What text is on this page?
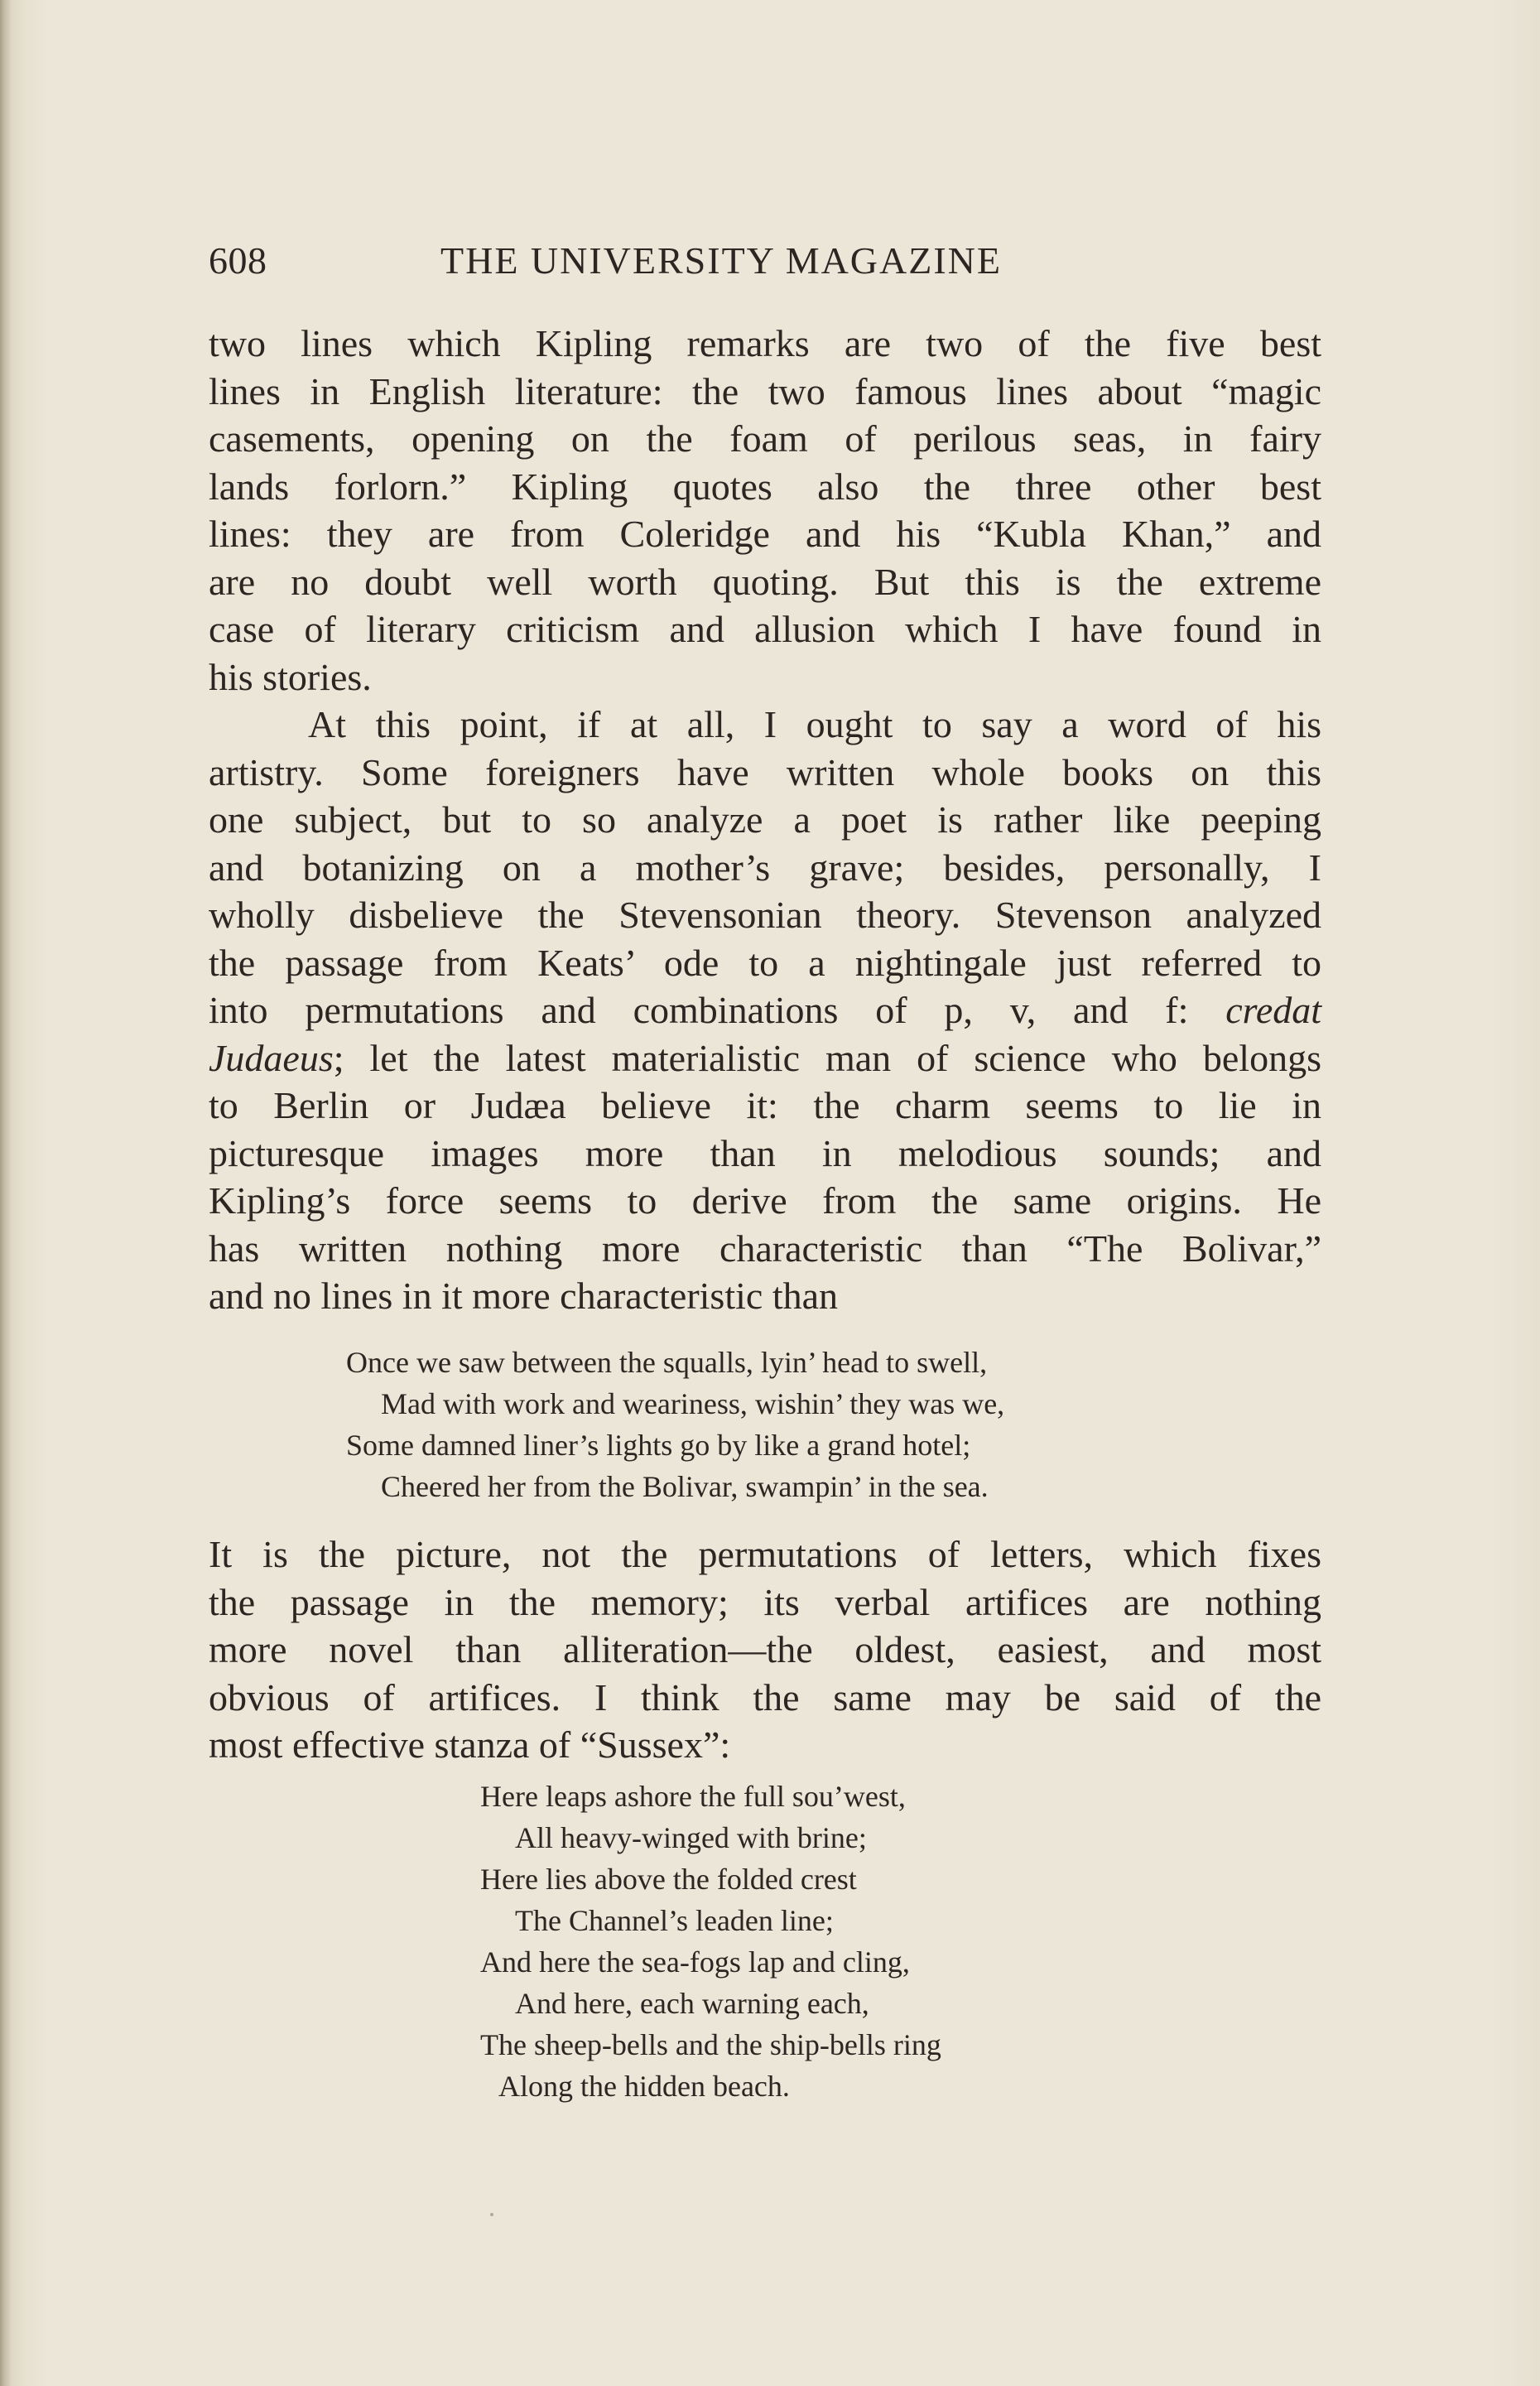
608	THE UNIVERSITY MAGAZINE

two lines which Kipling remarks are two of the five best
lines in English literature: the two famous lines about “magic
casements, opening on the foam of perilous seas, in fairy
lands forlorn.” Kipling quotes also the three other best
lines: they are from Coleridge and his “Kubla Khan,” and
are no doubt well worth quoting. But this is the extreme
case of literary criticism and allusion which I have found in
his stories.

At this point, if at all, I ought to say a word of his
artistry. Some foreigners have written whole books on this
one subject, but to so analyze a poet is rather like peeping
and botanizing on a mother’s grave; besides, personally, I
wholly disbelieve the Stevensonian theory. Stevenson analyzed
the passage from Keats’ ode to a nightingale just referred to
into permutations and combinations of p, v, and f: credat
Judaeus; let the latest materialistic man of science who belongs
to Berlin or Judæa believe it: the charm seems to lie in
picturesque images more than in melodious sounds; and
Kipling’s force seems to derive from the same origins. He
has written nothing more characteristic than “The Bolivar,”
and no lines in it more characteristic than

Once we saw between the squalls, lyin’ head to swell,
Mad with work and weariness, wishin’ they was we,
Some damned liner’s lights go by like a grand hotel;
Cheered her from the Bolivar, swampin’ in the sea.

It is the picture, not the permutations of letters, which fixes
the passage in the memory; its verbal artifices are nothing
more novel than alliteration—the oldest, easiest, and most
obvious of artifices. I think the same may be said of the
most effective stanza of “Sussex”:

Here leaps ashore the full sou’west,
All heavy-winged with brine;
Here lies above the folded crest
The Channel’s leaden line;
And here the sea-fogs lap and cling,
And here, each warning each,
The sheep-bells and the ship-bells ring
Along the hidden beach.
